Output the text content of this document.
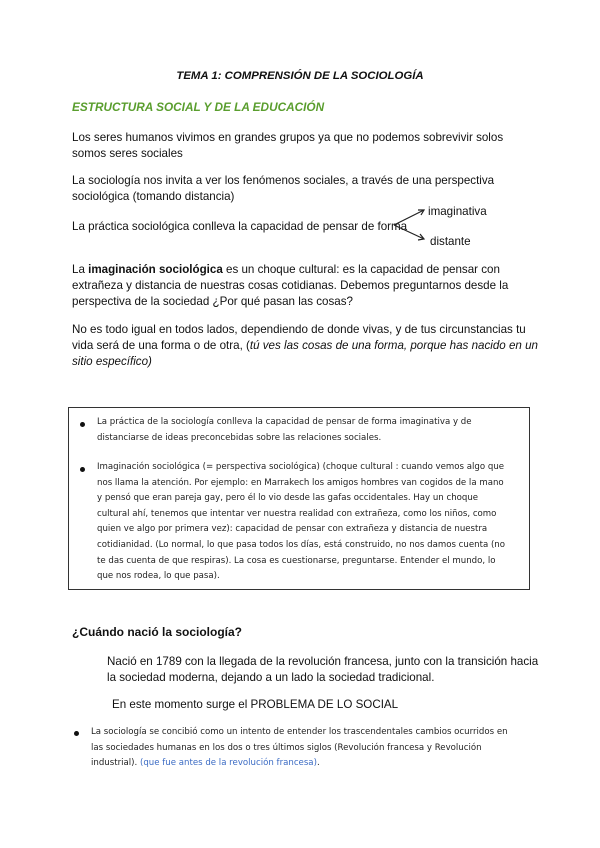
TEMA 1: COMPRENSIÓN DE LA SOCIOLOGÍA
ESTRUCTURA SOCIAL Y DE LA EDUCACIÓN
Los seres humanos vivimos en grandes grupos ya que no podemos sobrevivir solos
somos seres sociales
La sociología nos invita a ver los fenómenos sociales, a través de una perspectiva
sociológica (tomando distancia)
La práctica sociológica conlleva la capacidad de pensar de forma
imaginativa
distante
La imaginación sociológica es un choque cultural: es la capacidad de pensar con
extrañeza y distancia de nuestras cosas cotidianas. Debemos preguntarnos desde la
perspectiva de la sociedad ¿Por qué pasan las cosas?
No es todo igual en todos lados, dependiendo de donde vivas, y de tus circunstancias tu
vida será de una forma o de otra, (tú ves las cosas de una forma, porque has nacido en un
sitio específico)
La práctica de la sociología conlleva la capacidad de pensar de forma imaginativa y de
distanciarse de ideas preconcebidas sobre las relaciones sociales.
Imaginación sociológica (= perspectiva sociológica) (choque cultural : cuando vemos algo que
nos llama la atención. Por ejemplo: en Marrakech los amigos hombres van cogidos de la mano
y pensó que eran pareja gay, pero él lo vio desde las gafas occidentales. Hay un choque
cultural ahí, tenemos que intentar ver nuestra realidad con extrañeza, como los niños, como
quien ve algo por primera vez): capacidad de pensar con extrañeza y distancia de nuestra
cotidianidad. (Lo normal, lo que pasa todos los días, está construido, no nos damos cuenta (no
te das cuenta de que respiras). La cosa es cuestionarse, preguntarse. Entender el mundo, lo
que nos rodea, lo que pasa).
¿Cuándo nació la sociología?
Nació en 1789 con la llegada de la revolución francesa, junto con la transición hacia
la sociedad moderna, dejando a un lado la sociedad tradicional.
En este momento surge el PROBLEMA DE LO SOCIAL
La sociología se concibió como un intento de entender los trascendentales cambios ocurridos en
las sociedades humanas en los dos o tres últimos siglos (Revolución francesa y Revolución
industrial). (que fue antes de la revolución francesa).
